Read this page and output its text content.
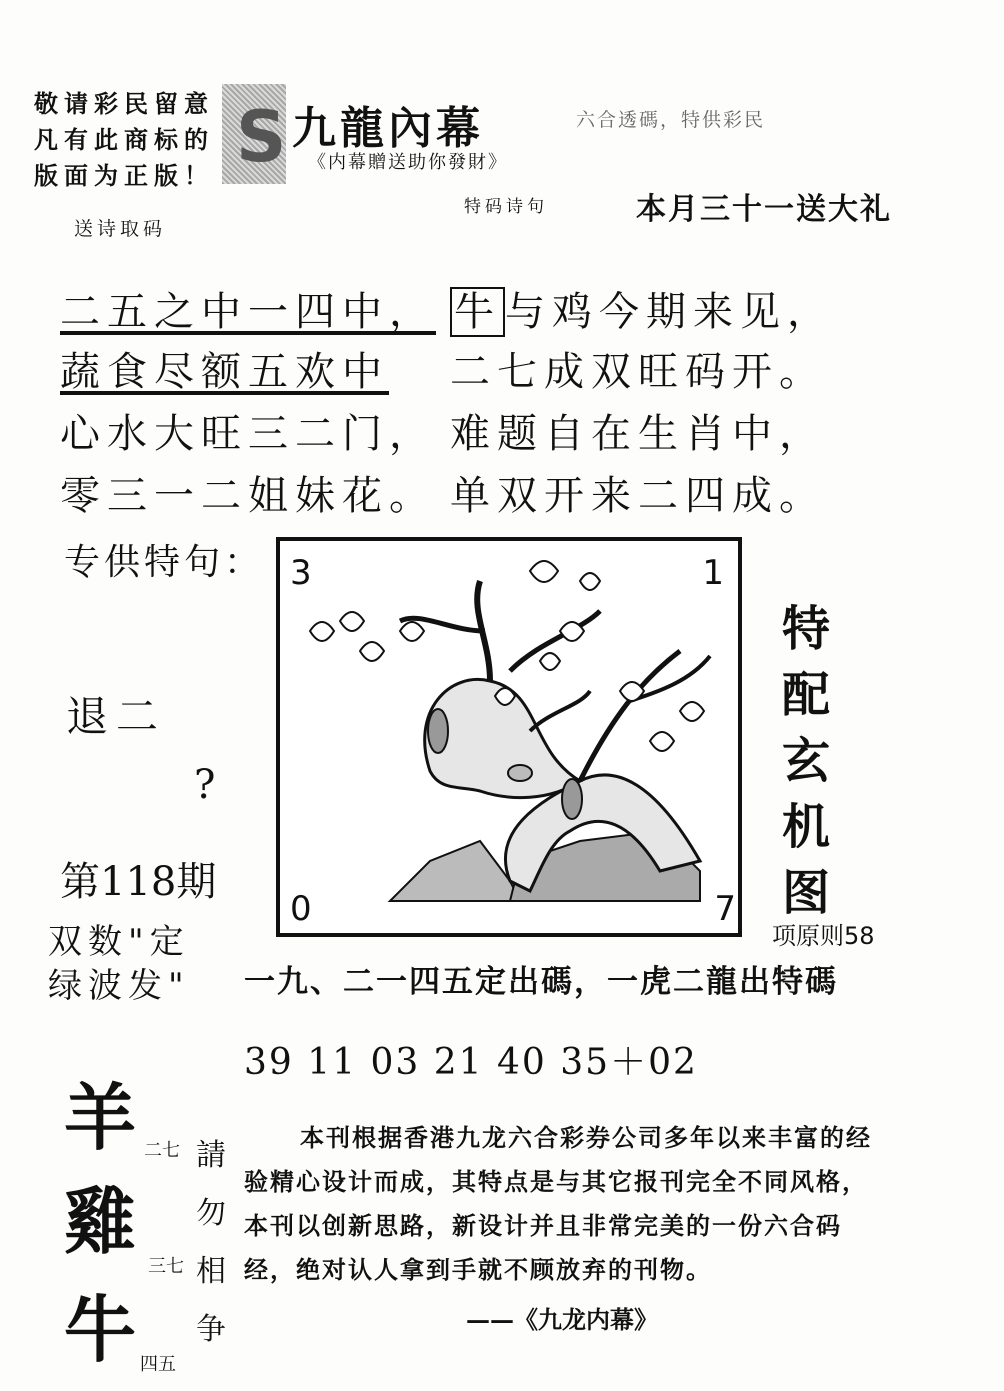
敬请彩民留意
凡有此商标的
版面为正版！
送诗取码
S 九龍內幕	六合透碼，特供彩民
《内幕贈送助你發財》
特码诗句	本月三十一送大礼
二五之中一四中，
蔬食尽额五欢中
心水大旺三二门，
零三一二姐妹花。
牛 与鸡今期来见，
二七成双旺码开。
难题自在生肖中，
单双开来二四成。
专供特句：
退二
?
第118期
双数"定
绿波发"
3	1
0	7
特
配
玄
机
图
项原则58
一九、二一四五定出碼，一虎二龍出特碼
39 11 03 21 40 35＋02
羊
雞
牛
二七
三七
四五
請
勿
相
争
本刊根据香港九龙六合彩券公司多年以来丰富的经验精心设计而成，其特点是与其它报刊完全不同风格，本刊以创新思路，新设计并且非常完美的一份六合码经，绝对认人拿到手就不顾放弃的刊物。
——《九龙内幕》
